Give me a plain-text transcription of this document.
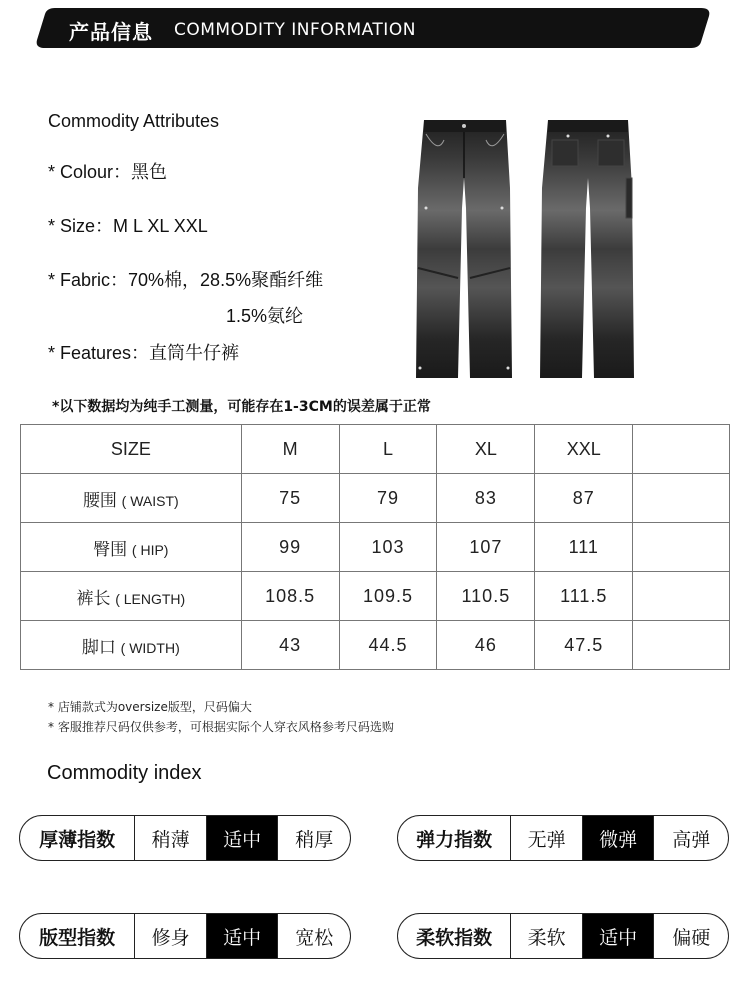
产品信息 COMMODITY INFORMATION
Commodity Attributes
* Colour：黑色
* Size：M L XL XXL
* Fabric：70%棉，28.5%聚酯纤维
1.5%氨纶
* Features：直筒牛仔裤
*以下数据均为纯手工测量，可能存在1-3CM的误差属于正常
SIZE	M	L	XL	XXL	
腰围 ( WAIST)	75	79	83	87	
臀围 ( HIP)	99	103	107	111	
裤长 ( LENGTH)	108.5	109.5	110.5	111.5	
脚口 ( WIDTH)	43	44.5	46	47.5	
* 店铺款式为oversize版型，尺码偏大
* 客服推荐尺码仅供参考，可根据实际个人穿衣风格参考尺码选购
Commodity index
厚薄指数	稍薄	适中	稍厚	弹力指数	无弹	微弹	高弹
版型指数	修身	适中	宽松	柔软指数	柔软	适中	偏硬
